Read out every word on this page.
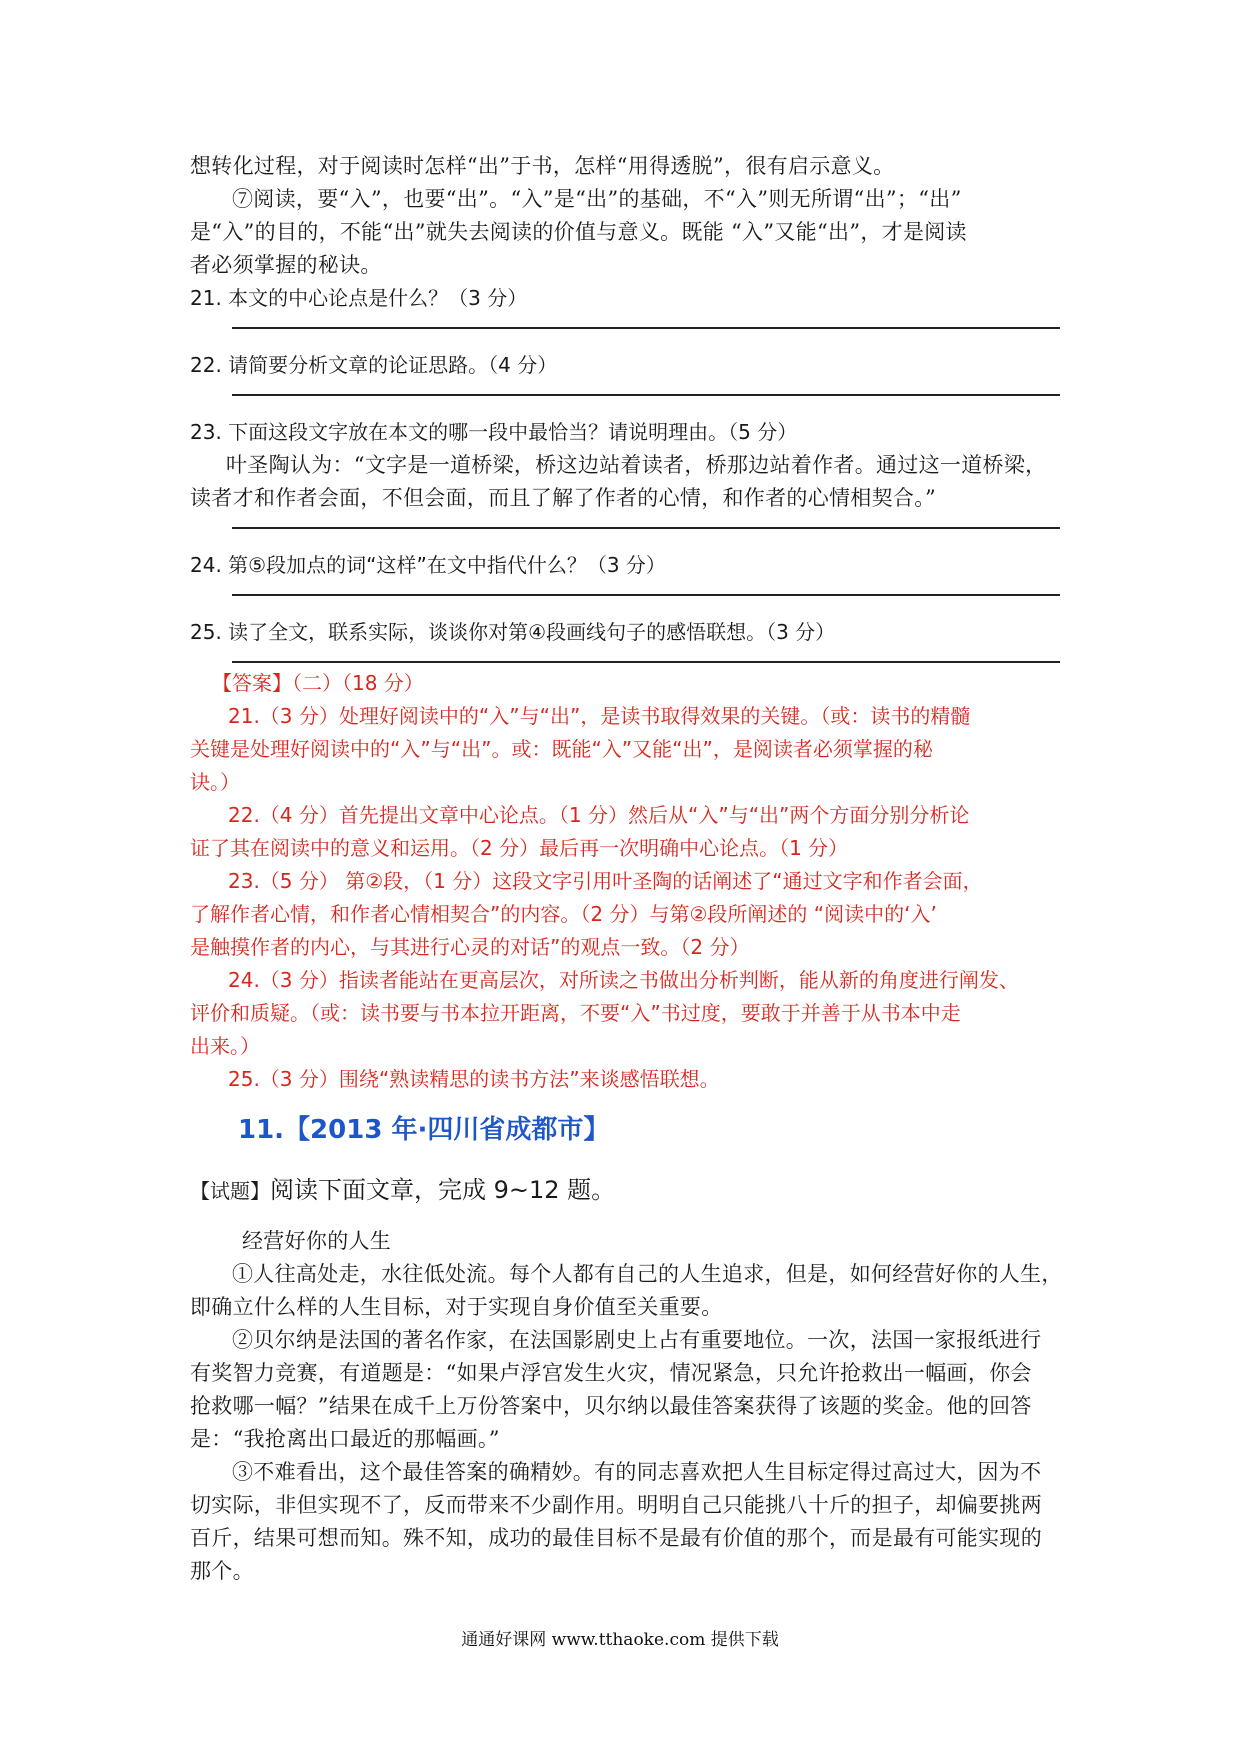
想转化过程，对于阅读时怎样“出”于书，怎样“用得透脱”，很有启示意义。
⑦阅读，要“入”，也要“出”。“入”是“出”的基础，不“入”则无所谓“出”；“出”
是“入”的目的，不能“出”就失去阅读的价值与意义。既能 “入”又能“出”，才是阅读
者必须掌握的秘诀。
21. 本文的中心论点是什么？（3 分）
22. 请简要分析文章的论证思路。（4 分）
23. 下面这段文字放在本文的哪一段中最恰当？请说明理由。（5 分）
叶圣陶认为：“文字是一道桥梁，桥这边站着读者，桥那边站着作者。通过这一道桥梁，
读者才和作者会面，不但会面，而且了解了作者的心情，和作者的心情相契合。”
24. 第⑤段加点的词“这样”在文中指代什么？（3 分）
25. 读了全文，联系实际，谈谈你对第④段画线句子的感悟联想。（3 分）
【答案】（二）（18 分）
21.（3 分）处理好阅读中的“入”与“出”，是读书取得效果的关键。（或：读书的精髓
关键是处理好阅读中的“入”与“出”。或：既能“入”又能“出”，是阅读者必须掌握的秘
诀。）
22.（4 分）首先提出文章中心论点。（1 分）然后从“入”与“出”两个方面分别分析论
证了其在阅读中的意义和运用。（2 分）最后再一次明确中心论点。（1 分）
23.（5 分） 第②段，（1 分）这段文字引用叶圣陶的话阐述了“通过文字和作者会面，
了解作者心情，和作者心情相契合”的内容。（2 分）与第②段所阐述的 “阅读中的‘入’
是触摸作者的内心，与其进行心灵的对话”的观点一致。（2 分）
24.（3 分）指读者能站在更高层次，对所读之书做出分析判断，能从新的角度进行阐发、
评价和质疑。（或：读书要与书本拉开距离，不要“入”书过度，要敢于并善于从书本中走
出来。）
25.（3 分）围绕“熟读精思的读书方法”来谈感悟联想。
11.【2013 年·四川省成都市】
【试题】阅读下面文章，完成 9~12 题。
经营好你的人生
①人往高处走，水往低处流。每个人都有自己的人生追求，但是，如何经营好你的人生，
即确立什么样的人生目标，对于实现自身价值至关重要。
②贝尔纳是法国的著名作家，在法国影剧史上占有重要地位。一次，法国一家报纸进行
有奖智力竞赛，有道题是：“如果卢浮宫发生火灾，情况紧急，只允许抢救出一幅画，你会
抢救哪一幅？”结果在成千上万份答案中，贝尔纳以最佳答案获得了该题的奖金。他的回答
是：“我抢离出口最近的那幅画。”
③不难看出，这个最佳答案的确精妙。有的同志喜欢把人生目标定得过高过大，因为不
切实际，非但实现不了，反而带来不少副作用。明明自己只能挑八十斤的担子，却偏要挑两
百斤，结果可想而知。殊不知，成功的最佳目标不是最有价值的那个，而是最有可能实现的
那个。
通通好课网 www.tthaoke.com 提供下载
